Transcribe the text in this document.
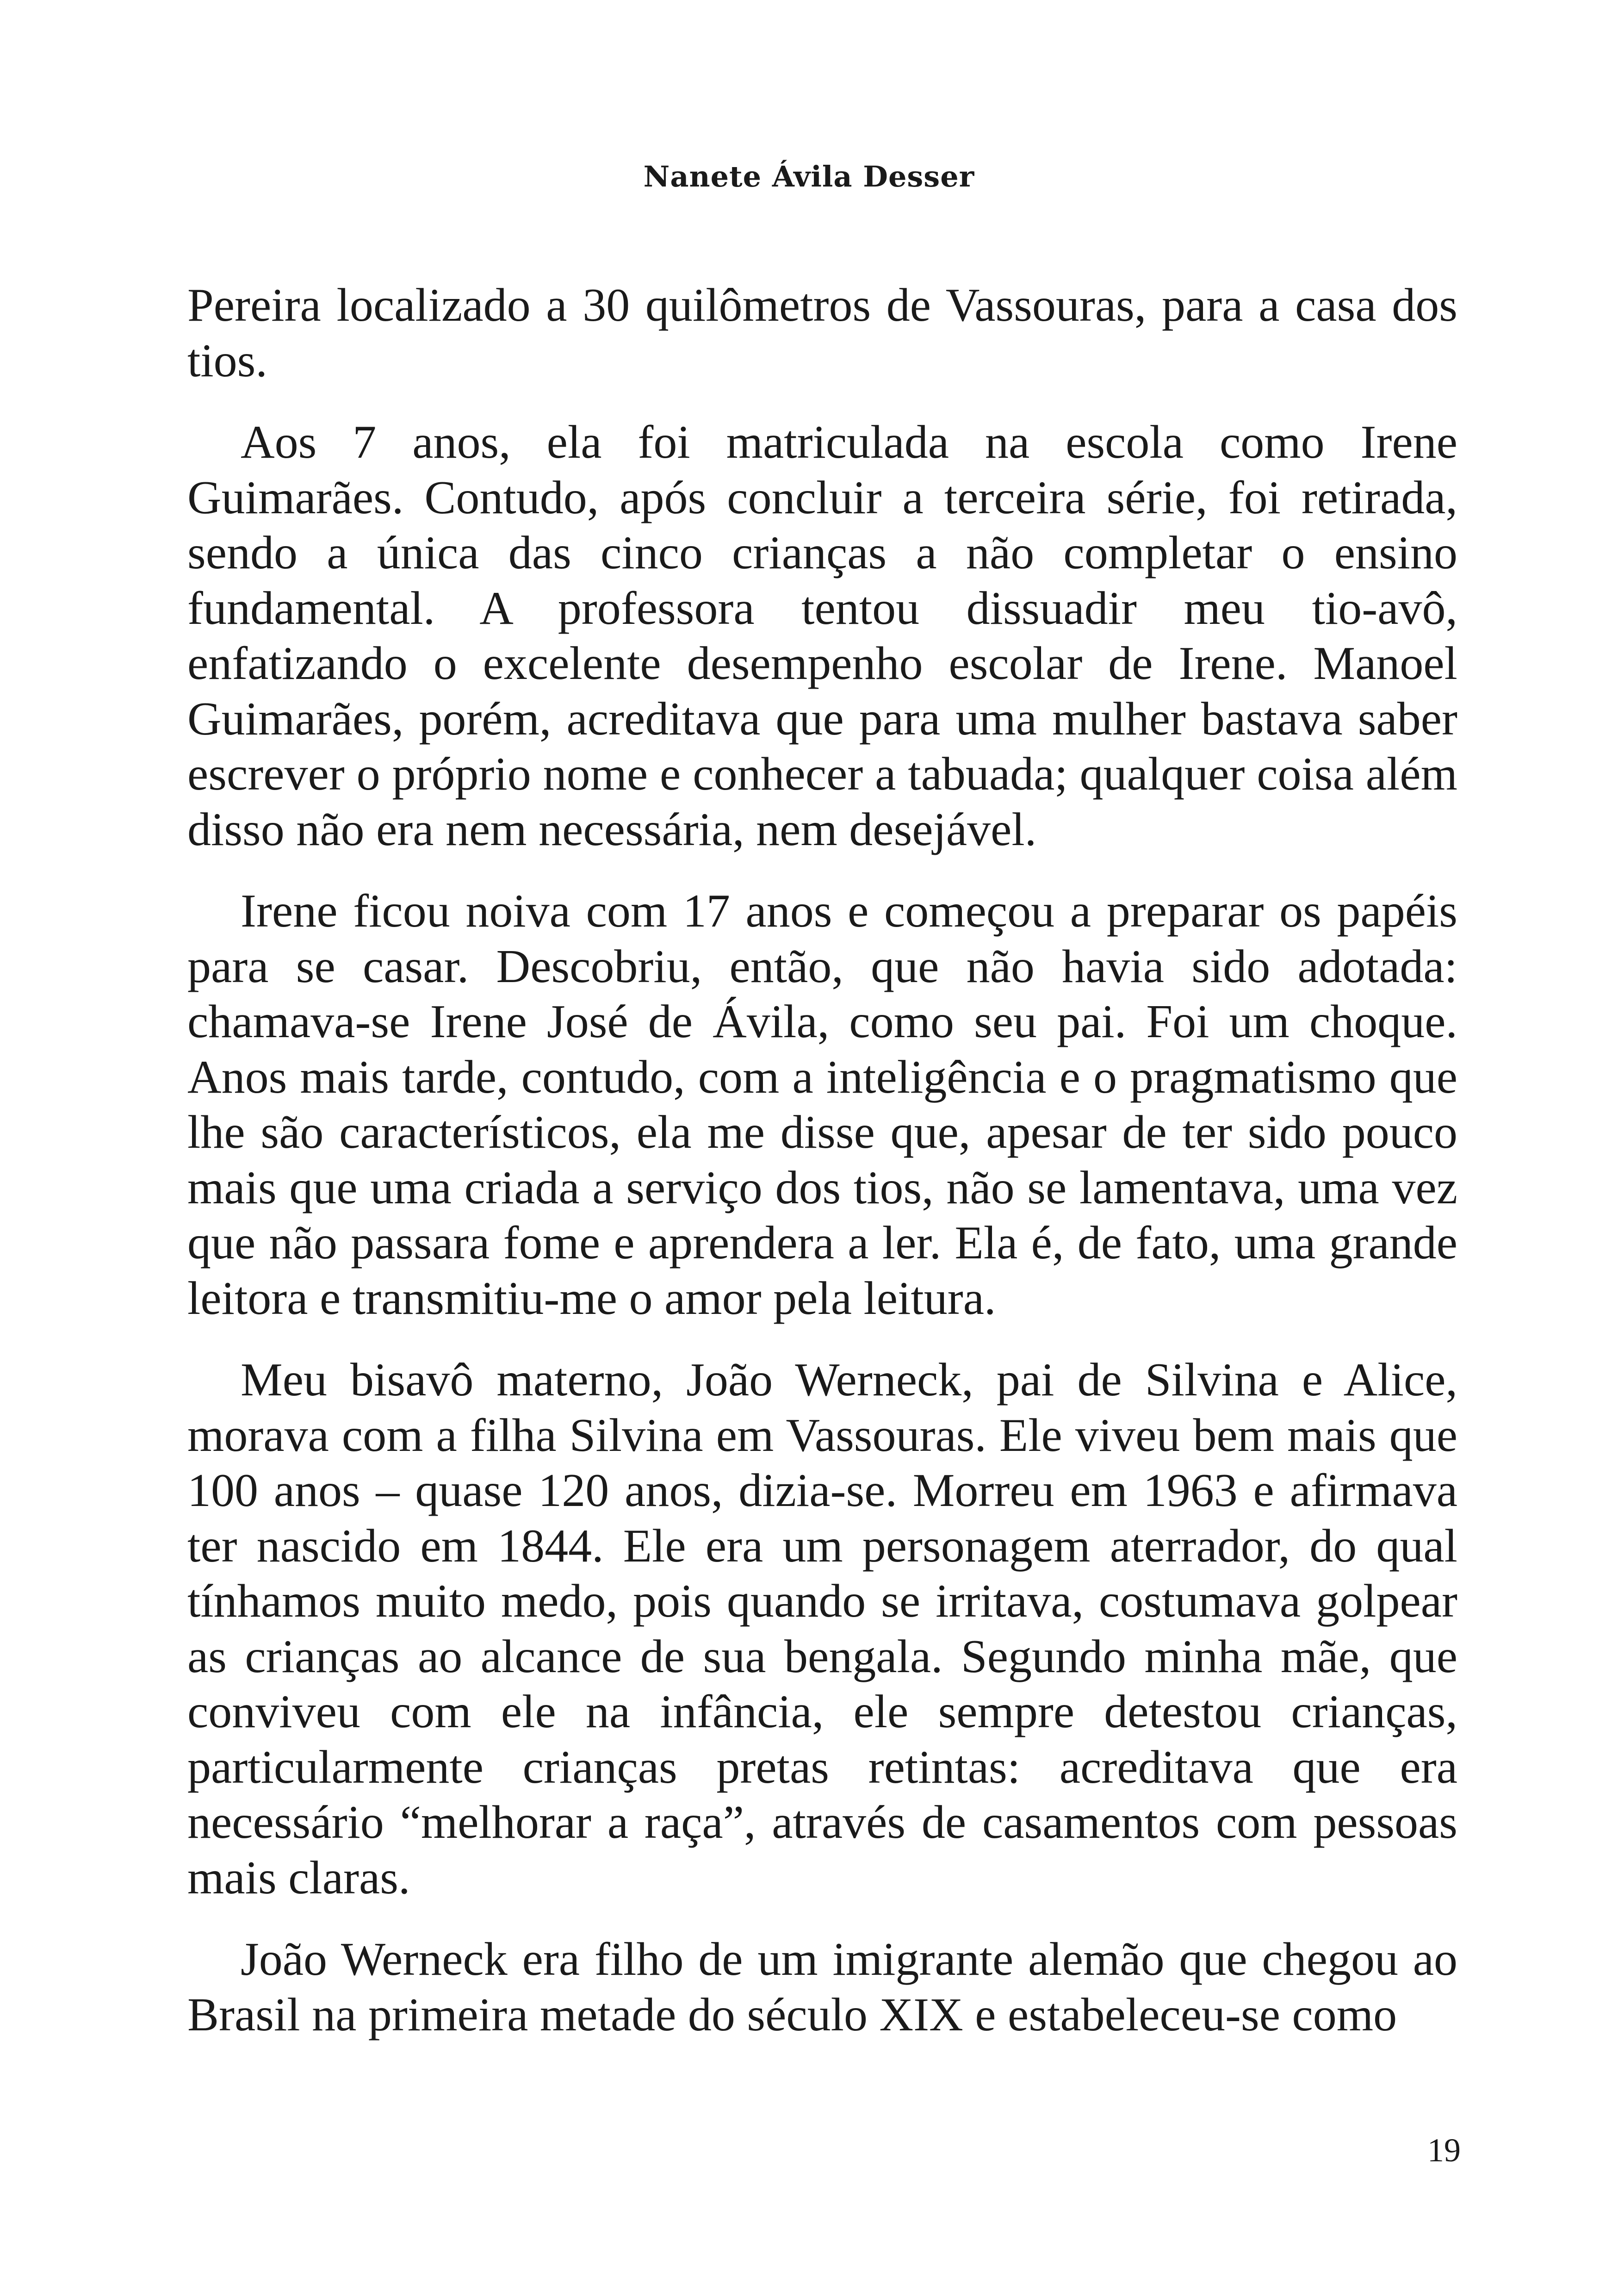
Nanete Ávila Desser

Pereira localizado a 30 quilômetros de Vassouras, para a casa dos tios.

Aos 7 anos, ela foi matriculada na escola como Irene Guimarães. Contudo, após concluir a terceira série, foi retirada, sendo a única das cinco crianças a não completar o ensino fundamental. A professora tentou dissuadir meu tio-avô, enfatizando o excelente desempenho escolar de Irene. Manoel Guimarães, porém, acreditava que para uma mulher bastava saber escrever o próprio nome e conhecer a tabuada; qualquer coisa além disso não era nem necessária, nem desejável.

Irene ficou noiva com 17 anos e começou a preparar os papéis para se casar. Descobriu, então, que não havia sido adotada: chamava-se Irene José de Ávila, como seu pai. Foi um choque. Anos mais tarde, contudo, com a inteligência e o pragmatismo que lhe são característicos, ela me disse que, apesar de ter sido pouco mais que uma criada a serviço dos tios, não se lamentava, uma vez que não passara fome e aprendera a ler. Ela é, de fato, uma grande leitora e transmitiu-me o amor pela leitura.

Meu bisavô materno, João Werneck, pai de Silvina e Alice, morava com a filha Silvina em Vassouras. Ele viveu bem mais que 100 anos – quase 120 anos, dizia-se. Morreu em 1963 e afirmava ter nascido em 1844. Ele era um personagem aterrador, do qual tínhamos muito medo, pois quando se irritava, costumava golpear as crianças ao alcance de sua bengala. Segundo minha mãe, que conviveu com ele na infância, ele sempre detestou crianças, particularmente crianças pretas retintas: acreditava que era necessário “melhorar a raça”, através de casamentos com pessoas mais claras.

João Werneck era filho de um imigrante alemão que chegou ao Brasil na primeira metade do século XIX e estabeleceu-se como

19
